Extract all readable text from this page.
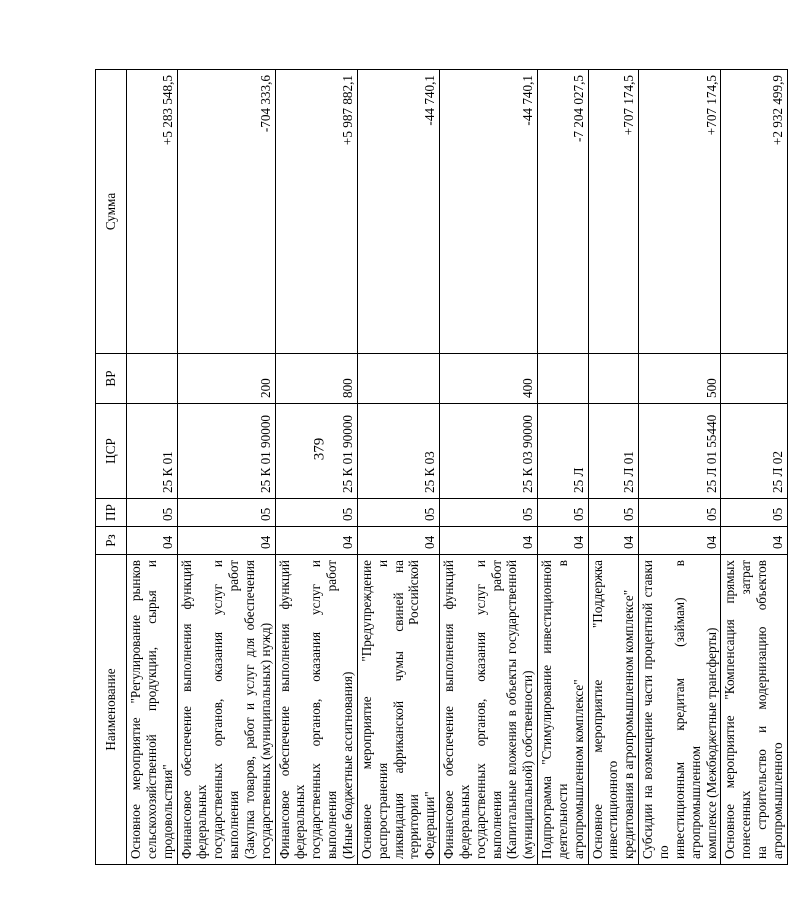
379
Наименование	Рз	ПР	ЦСР	ВР	Сумма

Основное мероприятие "Регулирование рынков сельскохозяйственной продукции, сырья и продовольствия"	04	05	25 К 01		+5 283 548,5

Финансовое обеспечение выполнения функций федеральных государственных органов, оказания услуг и выполнения работ (Закупка товаров, работ и услуг для обеспечения государственных (муниципальных) нужд)	04	05	25 К 01 90000	200	-704 333,6

Финансовое обеспечение выполнения функций федеральных государственных органов, оказания услуг и выполнения работ (Иные бюджетные ассигнования)	04	05	25 К 01 90000	800	+5 987 882,1

Основное мероприятие "Предупреждение распространения и ликвидация африканской чумы свиней на территории Российской Федерации"	04	05	25 К 03		-44 740,1

Финансовое обеспечение выполнения функций федеральных государственных органов, оказания услуг и выполнения работ (Капитальные вложения в объекты государственной (муниципальной) собственности)	04	05	25 К 03 90000	400	-44 740,1

Подпрограмма "Стимулирование инвестиционной деятельности в агропромышленном комплексе"	04	05	25 Л		-7 204 027,5

Основное мероприятие "Поддержка инвестиционного кредитования в агропромышленном комплексе"	04	05	25 Л 01		+707 174,5

Субсидии на возмещение части процентной ставки по инвестиционным кредитам (займам) в агропромышленном комплексе (Межбюджетные трансферты)	04	05	25 Л 01 55440	500	+707 174,5

Основное мероприятие "Компенсация прямых понесенных затрат на строительство и модернизацию объектов агропромышленного	04	05	25 Л 02		+2 932 499,9
